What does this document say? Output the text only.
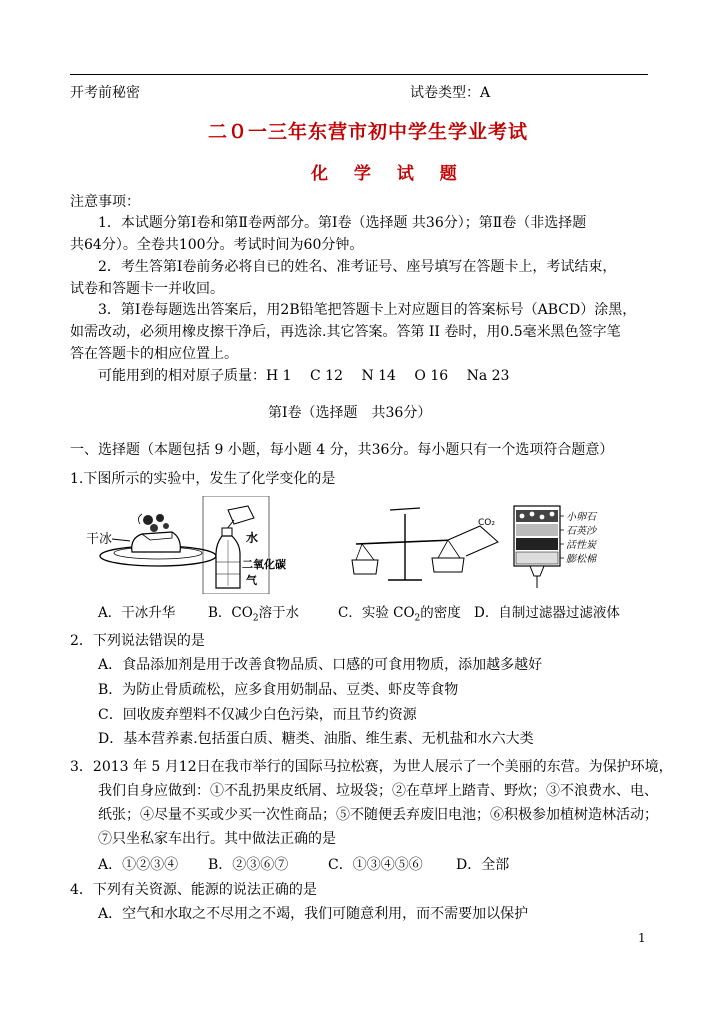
开考前秘密	试卷类型：A
二０一三年东营市初中学生学业考试
化 学 试 题
注意事项：
1．本试题分第Ⅰ卷和第Ⅱ卷两部分。第Ⅰ卷（选择题 共36分）；第Ⅱ卷（非选择题
共64分）。全卷共100分。考试时间为60分钟。
2．考生答第Ⅰ卷前务必将自已的姓名、准考证号、座号填写在答题卡上，考试结束，
试卷和答题卡一并收回。
3．第Ⅰ卷每题选出答案后，用2B铅笔把答题卡上对应题目的答案标号（ABCD）涂黑，
如需改动，必须用橡皮擦干净后，再选涂.其它答案。答第 II 卷时，用0.5毫米黑色签字笔
答在答题卡的相应位置上。
可能用到的相对原子质量：H 1　 C 12　 N 14　 O 16　 Na 23
第Ⅰ卷（选择题　共36分）
一、选择题（本题包括 9 小题，每小题 4 分，共36分。每小题只有一个选项符合题意）
1.下图所示的实验中，发生了化学变化的是
干冰	水
二氧化碳
气
CO₂	小卵石
石英沙
活性炭
膨松棉
A．干冰升华 B．$CO_2$溶于水	C．实验 $CO_2$的密度 D．自制过滤器过滤液体
2．下列说法错误的是
A．食品添加剂是用于改善食物品质、口感的可食用物质，添加越多越好
B．为防止骨质疏松，应多食用奶制品、豆类、虾皮等食物
C．回收废弃塑料不仅减少白色污染，而且节约资源
D．基本营养素.包括蛋白质、糖类、油脂、维生素、无机盐和水六大类
3．2013 年 5 月12日在我市举行的国际马拉松赛，为世人展示了一个美丽的东营。为保护环境，
我们自身应做到：①不乱扔果皮纸屑、垃圾袋；②在草坪上踏青、野炊；③不浪费水、电、
纸张；④尽量不买或少买一次性商品；⑤不随便丢弃废旧电池；⑥积极参加植树造林活动；
⑦只坐私家车出行。其中做法正确的是
A．①②③④ B．②③⑥⑦	C．①③④⑤⑥ D．全部
4．下列有关资源、能源的说法正确的是
A．空气和水取之不尽用之不竭，我们可随意利用，而不需要加以保护
1
